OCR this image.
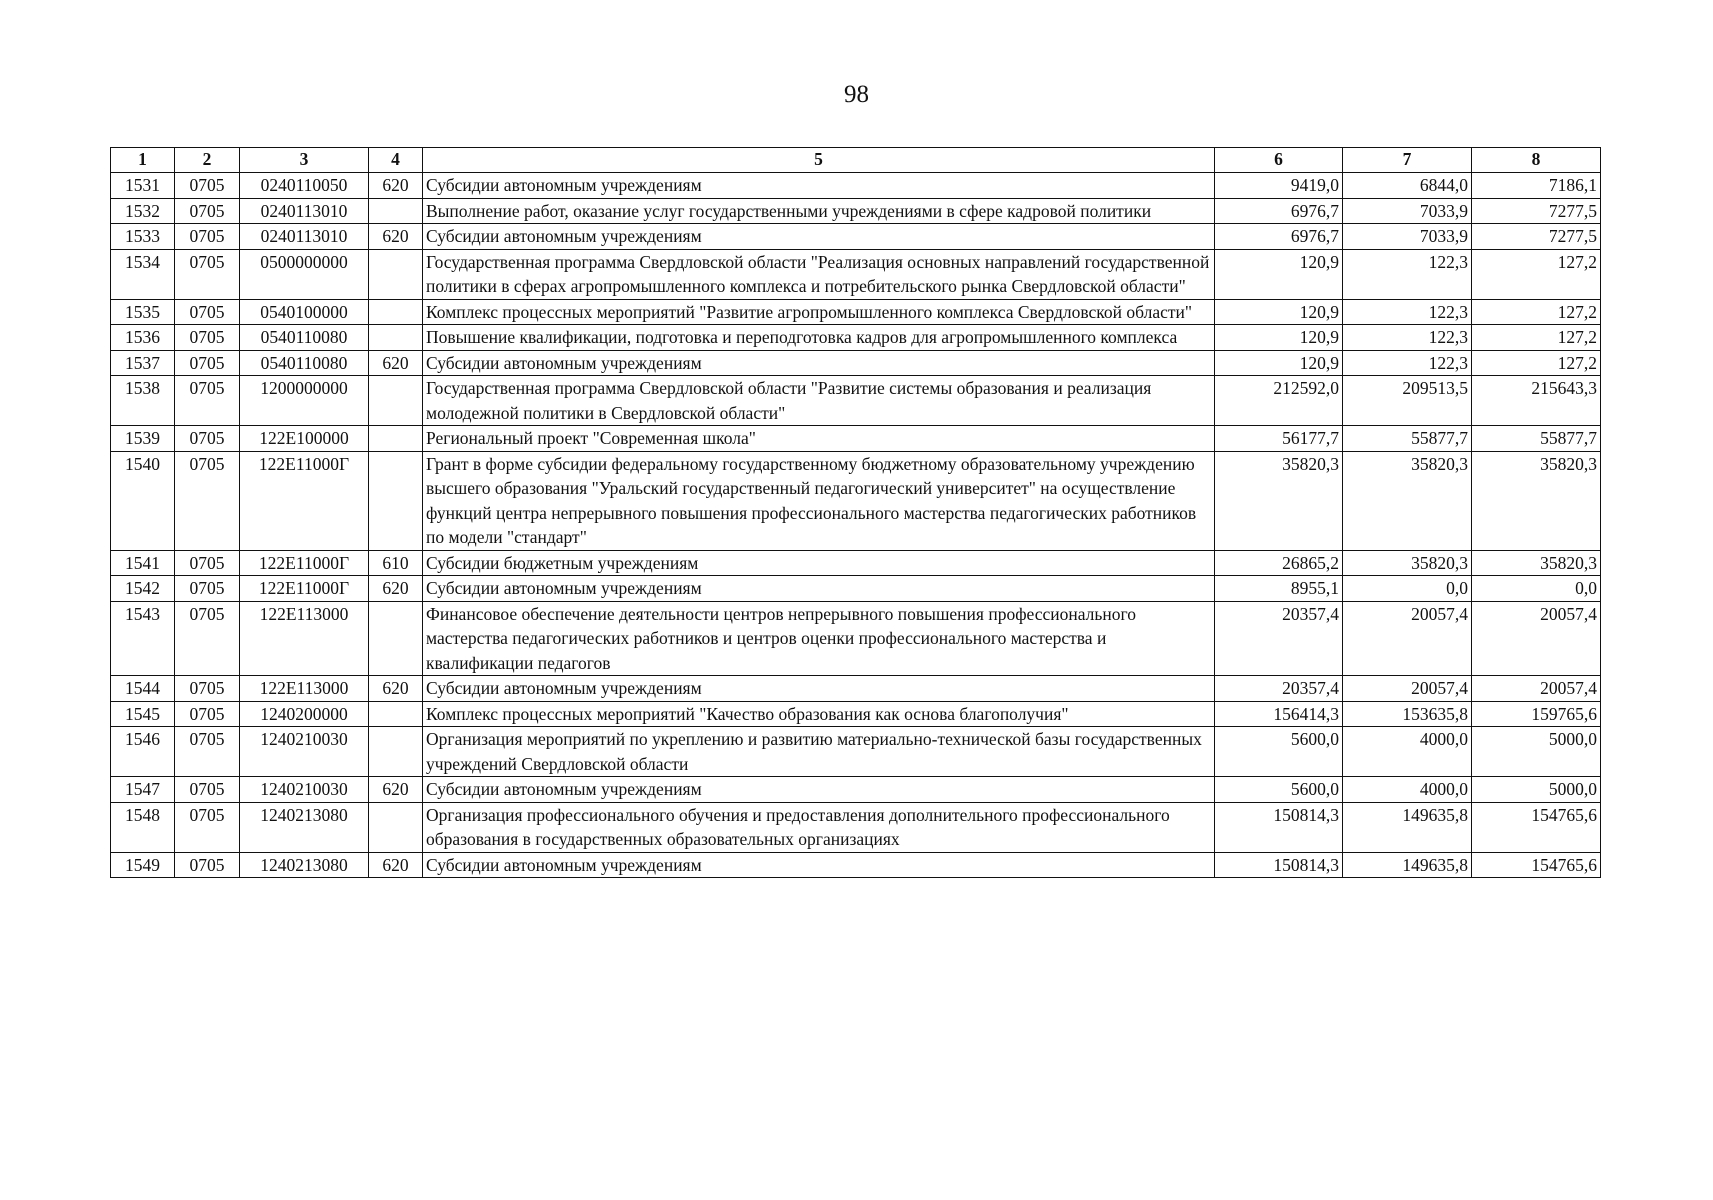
98
1	2	3	4	5	6	7	8
1531	0705	0240110050	620	Субсидии автономным учреждениям	9419,0	6844,0	7186,1
1532	0705	0240113010		Выполнение работ, оказание услуг государственными учреждениями в сфере кадровой политики	6976,7	7033,9	7277,5
1533	0705	0240113010	620	Субсидии автономным учреждениям	6976,7	7033,9	7277,5
1534	0705	0500000000		Государственная программа Свердловской области "Реализация основных направлений государственной политики в сферах агропромышленного комплекса и потребительского рынка Свердловской области"	120,9	122,3	127,2
1535	0705	0540100000		Комплекс процессных мероприятий "Развитие агропромышленного комплекса Свердловской области"	120,9	122,3	127,2
1536	0705	0540110080		Повышение квалификации, подготовка и переподготовка кадров для агропромышленного комплекса	120,9	122,3	127,2
1537	0705	0540110080	620	Субсидии автономным учреждениям	120,9	122,3	127,2
1538	0705	1200000000		Государственная программа Свердловской области "Развитие системы образования и реализация молодежной политики в Свердловской области"	212592,0	209513,5	215643,3
1539	0705	122Е100000		Региональный проект "Современная школа"	56177,7	55877,7	55877,7
1540	0705	122Е11000Г		Грант в форме субсидии федеральному государственному бюджетному образовательному учреждению высшего образования "Уральский государственный педагогический университет" на осуществление функций центра непрерывного повышения профессионального мастерства педагогических работников по модели "стандарт"	35820,3	35820,3	35820,3
1541	0705	122Е11000Г	610	Субсидии бюджетным учреждениям	26865,2	35820,3	35820,3
1542	0705	122Е11000Г	620	Субсидии автономным учреждениям	8955,1	0,0	0,0
1543	0705	122Е113000		Финансовое обеспечение деятельности центров непрерывного повышения профессионального мастерства педагогических работников и центров оценки профессионального мастерства и квалификации педагогов	20357,4	20057,4	20057,4
1544	0705	122Е113000	620	Субсидии автономным учреждениям	20357,4	20057,4	20057,4
1545	0705	1240200000		Комплекс процессных мероприятий "Качество образования как основа благополучия"	156414,3	153635,8	159765,6
1546	0705	1240210030		Организация мероприятий по укреплению и развитию материально-технической базы государственных учреждений Свердловской области	5600,0	4000,0	5000,0
1547	0705	1240210030	620	Субсидии автономным учреждениям	5600,0	4000,0	5000,0
1548	0705	1240213080		Организация профессионального обучения и предоставления дополнительного профессионального образования в государственных образовательных организациях	150814,3	149635,8	154765,6
1549	0705	1240213080	620	Субсидии автономным учреждениям	150814,3	149635,8	154765,6
